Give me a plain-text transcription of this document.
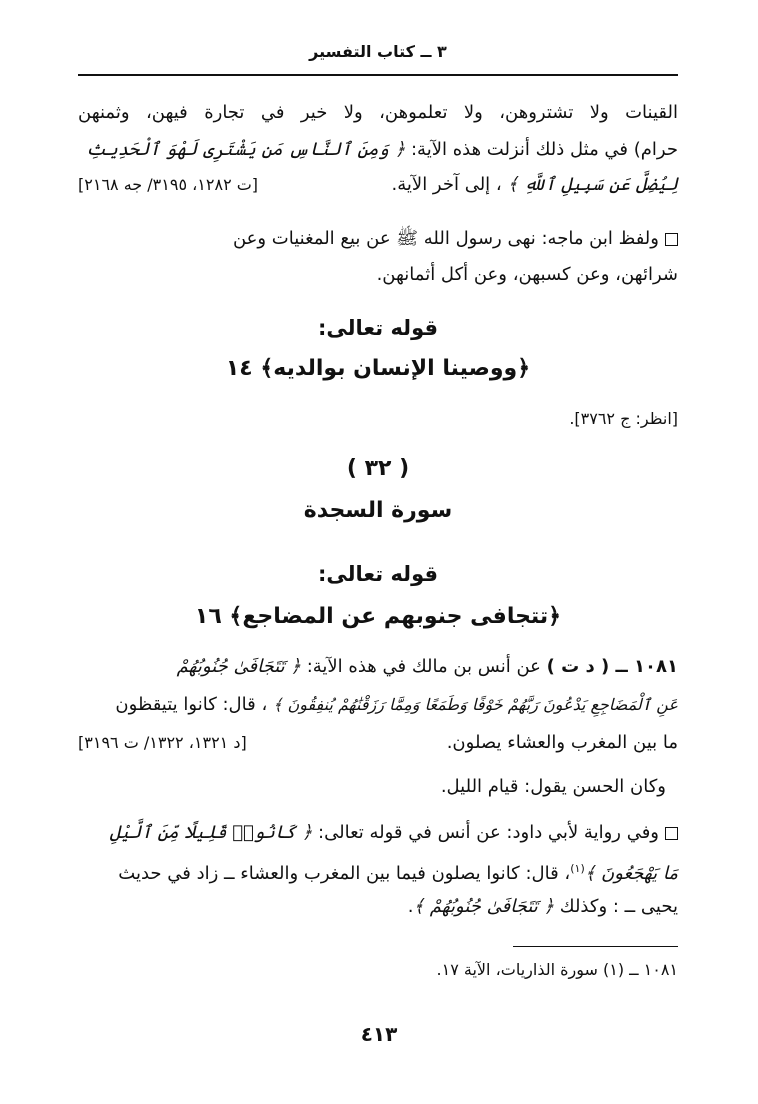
٣ ــ كتاب التفسير
القينات ولا تشتروهن، ولا تعلموهن، ولا خير في تجارة فيهن، وثمنهن
حرام) في مثل ذلك أنزلت هذه الآية: ﴿ وَمِنَ ٱلنَّاسِ مَن يَشْتَرِى لَهْوَ ٱلْحَدِيثِ
لِيُضِلَّ عَن سَبِيلِ ٱللَّهِ ﴾ ، إلى آخر الآية.
[ت ١٢٨٢، ٣١٩٥/ جه ٢١٦٨]
ولفظ ابن ماجه: نهى رسول الله ﷺ عن بيع المغنيات وعن
شرائهن، وعن كسبهن، وعن أكل أثمانهن.
قوله تعالى:
﴿ووصينا الإنسان بوالديه﴾ ١٤
[انظر: ج ٣٧٦٢].
( ٣٢ )
سورة السجدة
قوله تعالى:
﴿تتجافى جنوبهم عن المضاجع﴾ ١٦
١٠٨١ ــ ( د ت ) عن أنس بن مالك في هذه الآية: ﴿ تَتَجَافَىٰ جُنُوبُهُمْ
عَنِ ٱلْمَضَاجِعِ يَدْعُونَ رَبَّهُمْ خَوْفًا وَطَمَعًا وَمِمَّا رَزَقْنَٰهُمْ يُنفِقُونَ ﴾ ، قال: كانوا يتيقظون
ما بين المغرب والعشاء يصلون.
[د ١٣٢١، ١٣٢٢/ ت ٣١٩٦]
وكان الحسن يقول: قيام الليل.
وفي رواية لأبي داود: عن أنس في قوله تعالى: ﴿ كَانُوا۟ قَلِيلًا مِّنَ ٱلَّيْلِ
مَا يَهْجَعُونَ ﴾$^{(١)}$، قال: كانوا يصلون فيما بين المغرب والعشاء ــ زاد في حديث
يحيى ــ : وكذلك ﴿ تَتَجَافَىٰ جُنُوبُهُمْ ﴾.
١٠٨١ ــ (١) سورة الذاريات، الآية ١٧.
٤١٣
